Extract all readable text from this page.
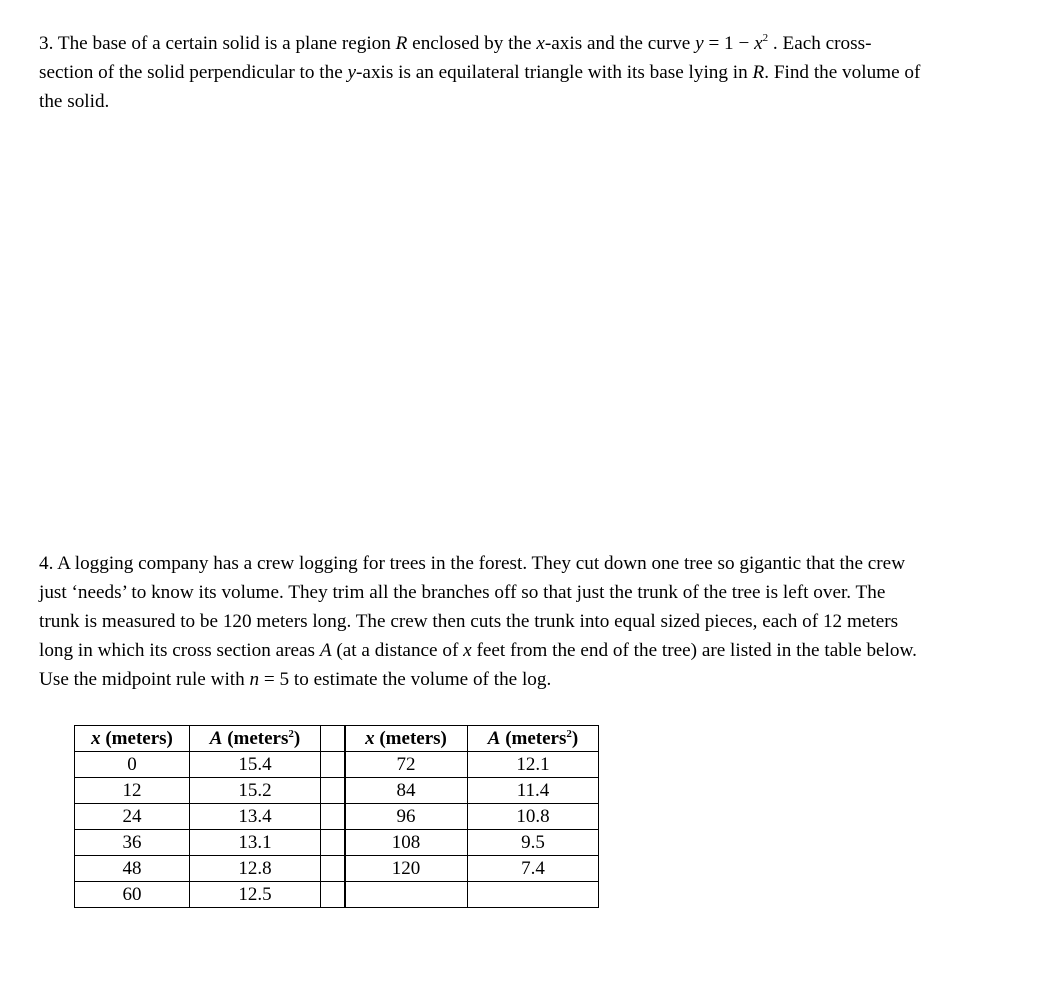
3. The base of a certain solid is a plane region R enclosed by the x-axis and the curve $y = 1 - x^2$ . Each cross-
section of the solid perpendicular to the y-axis is an equilateral triangle with its base lying in R. Find the volume of
the solid.
4. A logging company has a crew logging for trees in the forest. They cut down one tree so gigantic that the crew
just ‘needs’ to know its volume. They trim all the branches off so that just the trunk of the tree is left over. The
trunk is measured to be 120 meters long. The crew then cuts the trunk into equal sized pieces, each of 12 meters
long in which its cross section areas A (at a distance of x feet from the end of the tree) are listed in the table below.
Use the midpoint rule with n = 5 to estimate the volume of the log.
x (meters)	A (meters$^2$)	
0	15.4	
12	15.2	
24	13.4	
36	13.1	
48	12.8	
60	12.5	
x (meters)	A (meters$^2$)
72	12.1
84	11.4
96	10.8
108	9.5
120	7.4
